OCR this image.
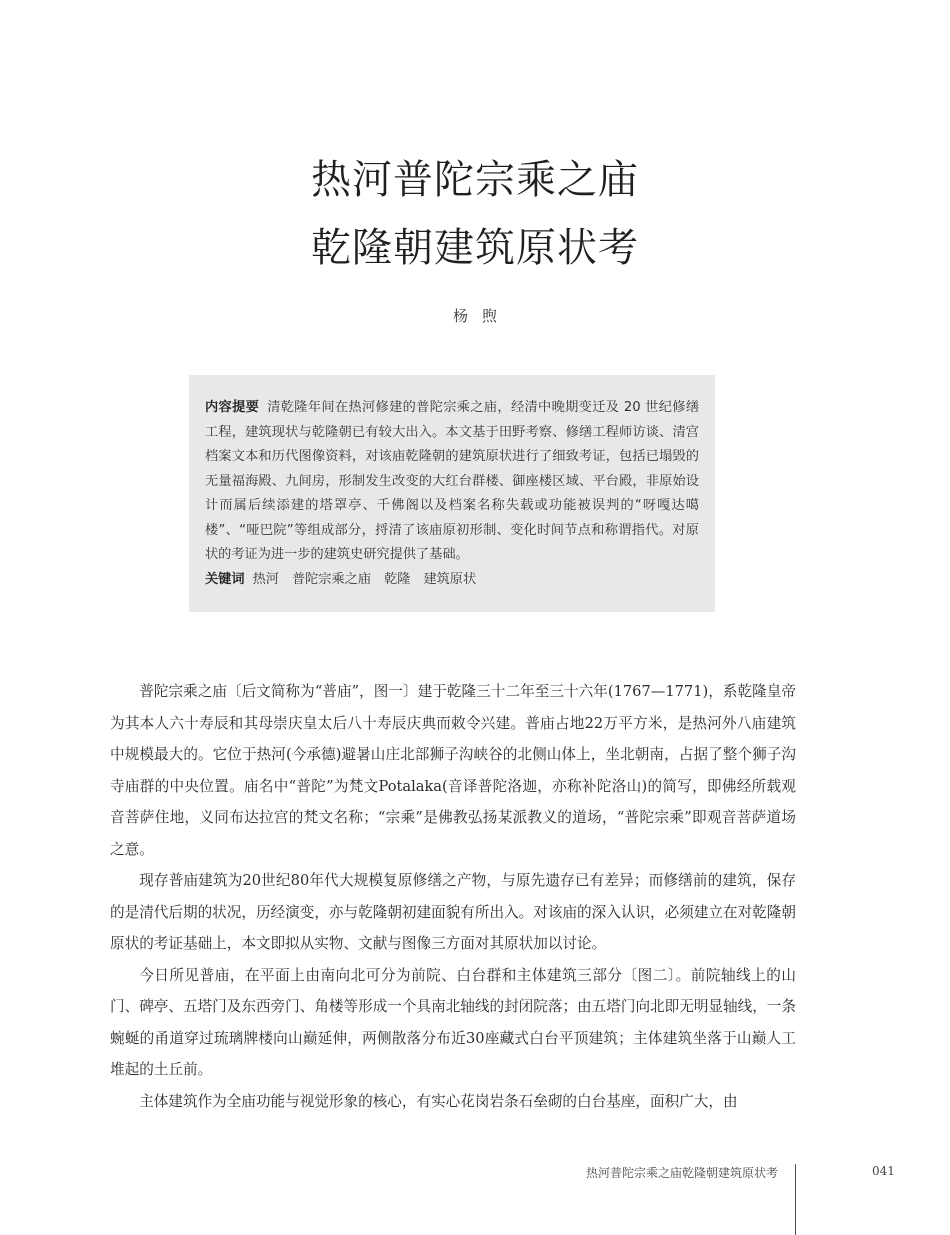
热河普陀宗乘之庙
乾隆朝建筑原状考
杨煦

内容提要 清乾隆年间在热河修建的普陀宗乘之庙，经清中晚期变迁及 20 世纪修缮工程，建筑现状与乾隆朝已有较大出入。本文基于田野考察、修缮工程师访谈、清宫档案文本和历代图像资料，对该庙乾隆朝的建筑原状进行了细致考证，包括已塌毁的无量福海殿、九间房，形制发生改变的大红台群楼、御座楼区域、平台殿，非原始设计而属后续添建的塔罩亭、千佛阁以及档案名称失载或功能被误判的“呀嘎达噶楼”、“哑巴院”等组成部分，捋清了该庙原初形制、变化时间节点和称谓指代。对原状的考证为进一步的建筑史研究提供了基础。

关键词 热河 普陀宗乘之庙 乾隆 建筑原状

普陀宗乘之庙〔后文简称为“普庙”，图一〕建于乾隆三十二年至三十六年(1767—1771)，系乾隆皇帝为其本人六十寿辰和其母崇庆皇太后八十寿辰庆典而敕令兴建。普庙占地22万平方米，是热河外八庙建筑中规模最大的。它位于热河(今承德)避暑山庄北部狮子沟峡谷的北侧山体上，坐北朝南，占据了整个狮子沟寺庙群的中央位置。庙名中“普陀”为梵文Potalaka(音译普陀洛迦，亦称补陀洛山)的简写，即佛经所载观音菩萨住地，义同布达拉宫的梵文名称；“宗乘”是佛教弘扬某派教义的道场，“普陀宗乘”即观音菩萨道场之意。

现存普庙建筑为20世纪80年代大规模复原修缮之产物，与原先遗存已有差异；而修缮前的建筑，保存的是清代后期的状况，历经演变，亦与乾隆朝初建面貌有所出入。对该庙的深入认识，必须建立在对乾隆朝原状的考证基础上，本文即拟从实物、文献与图像三方面对其原状加以讨论。

今日所见普庙，在平面上由南向北可分为前院、白台群和主体建筑三部分〔图二〕。前院轴线上的山门、碑亭、五塔门及东西旁门、角楼等形成一个具南北轴线的封闭院落；由五塔门向北即无明显轴线，一条蜿蜒的甬道穿过琉璃牌楼向山巅延伸，两侧散落分布近30座藏式白台平顶建筑；主体建筑坐落于山巅人工堆起的土丘前。

主体建筑作为全庙功能与视觉形象的核心，有实心花岗岩条石垒砌的白台基座，面积广大，由

热河普陀宗乘之庙乾隆朝建筑原状考	041
